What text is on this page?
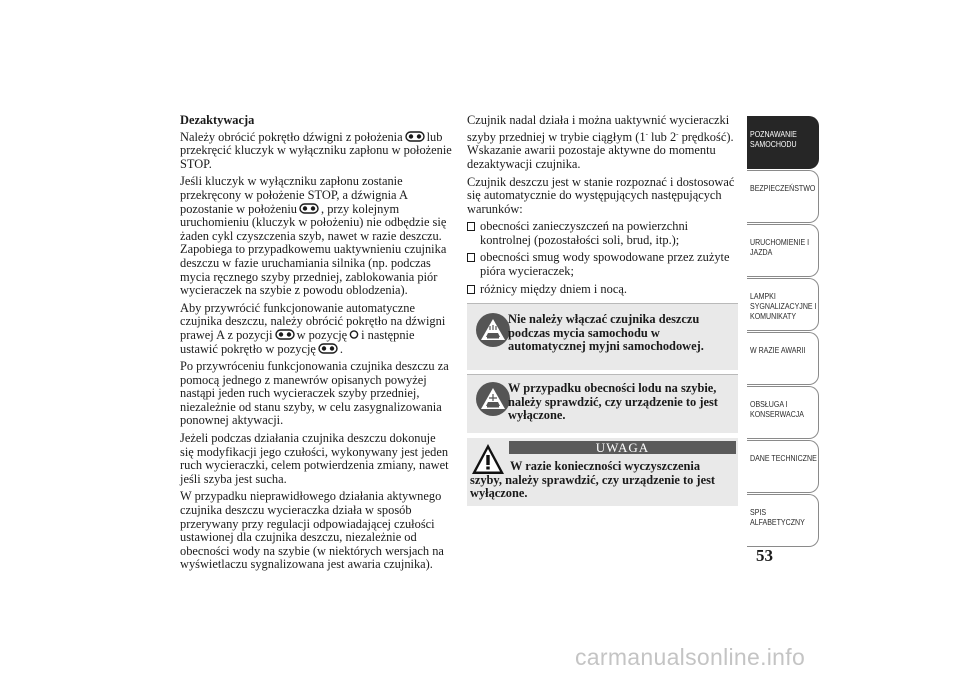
Dezaktywacja

Należy obrócić pokrętło dźwigni z położenia lub przekręcić kluczyk w wyłączniku zapłonu w położenie STOP.

Jeśli kluczyk w wyłączniku zapłonu zostanie przekręcony w położenie STOP, a dźwignia A pozostanie w położeniu , przy kolejnym uruchomieniu (kluczyk w położeniu) nie odbędzie się żaden cykl czyszczenia szyb, nawet w razie deszczu. Zapobiega to przypadkowemu uaktywnieniu czujnika deszczu w fazie uruchamiania silnika (np. podczas mycia ręcznego szyby przedniej, zablokowania piór wycieraczek na szybie z powodu oblodzenia).

Aby przywrócić funkcjonowanie automatyczne czujnika deszczu, należy obrócić pokrętło na dźwigni prawej A z pozycji w pozycję i następnie ustawić pokrętło w pozycję .

Po przywróceniu funkcjonowania czujnika deszczu za pomocą jednego z manewrów opisanych powyżej nastąpi jeden ruch wycieraczek szyby przedniej, niezależnie od stanu szyby, w celu zasygnalizowania ponownej aktywacji.

Jeżeli podczas działania czujnika deszczu dokonuje się modyfikacji jego czułości, wykonywany jest jeden ruch wycieraczki, celem potwierdzenia zmiany, nawet jeśli szyba jest sucha.

W przypadku nieprawidłowego działania aktywnego czujnika deszczu wycieraczka działa w sposób przerywany przy regulacji odpowiadającej czułości ustawionej dla czujnika deszczu, niezależnie od obecności wody na szybie (w niektórych wersjach na wyświetlaczu sygnalizowana jest awaria czujnika).

Czujnik nadal działa i można uaktywnić wycieraczki szyby przedniej w trybie ciągłym (1- lub 2- prędkość). Wskazanie awarii pozostaje aktywne do momentu dezaktywacji czujnika.

Czujnik deszczu jest w stanie rozpoznać i dostosować się automatycznie do występujących następujących warunków:

obecności zanieczyszczeń na powierzchni kontrolnej (pozostałości soli, brud, itp.);
obecności smug wody spowodowane przez zużyte pióra wycieraczek;
różnicy między dniem i nocą.
Nie należy włączać czujnika deszczu podczas mycia samochodu w automatycznej myjni samochodowej.
W przypadku obecności lodu na szybie, należy sprawdzić, czy urządzenie to jest wyłączone.
UWAGA
W razie konieczności wyczyszczenia szyby, należy sprawdzić, czy urządzenie to jest wyłączone.
POZNAWANIE SAMOCHODU
BEZPIECZEŃSTWO
URUCHOMIENIE I JAZDA
LAMPKI SYGNALIZACYJNE I KOMUNIKATY
W RAZIE AWARII
OBSŁUGA I KONSERWACJA
DANE TECHNICZNE
SPIS ALFABETYCZNY
53
carmanualsonline.info
